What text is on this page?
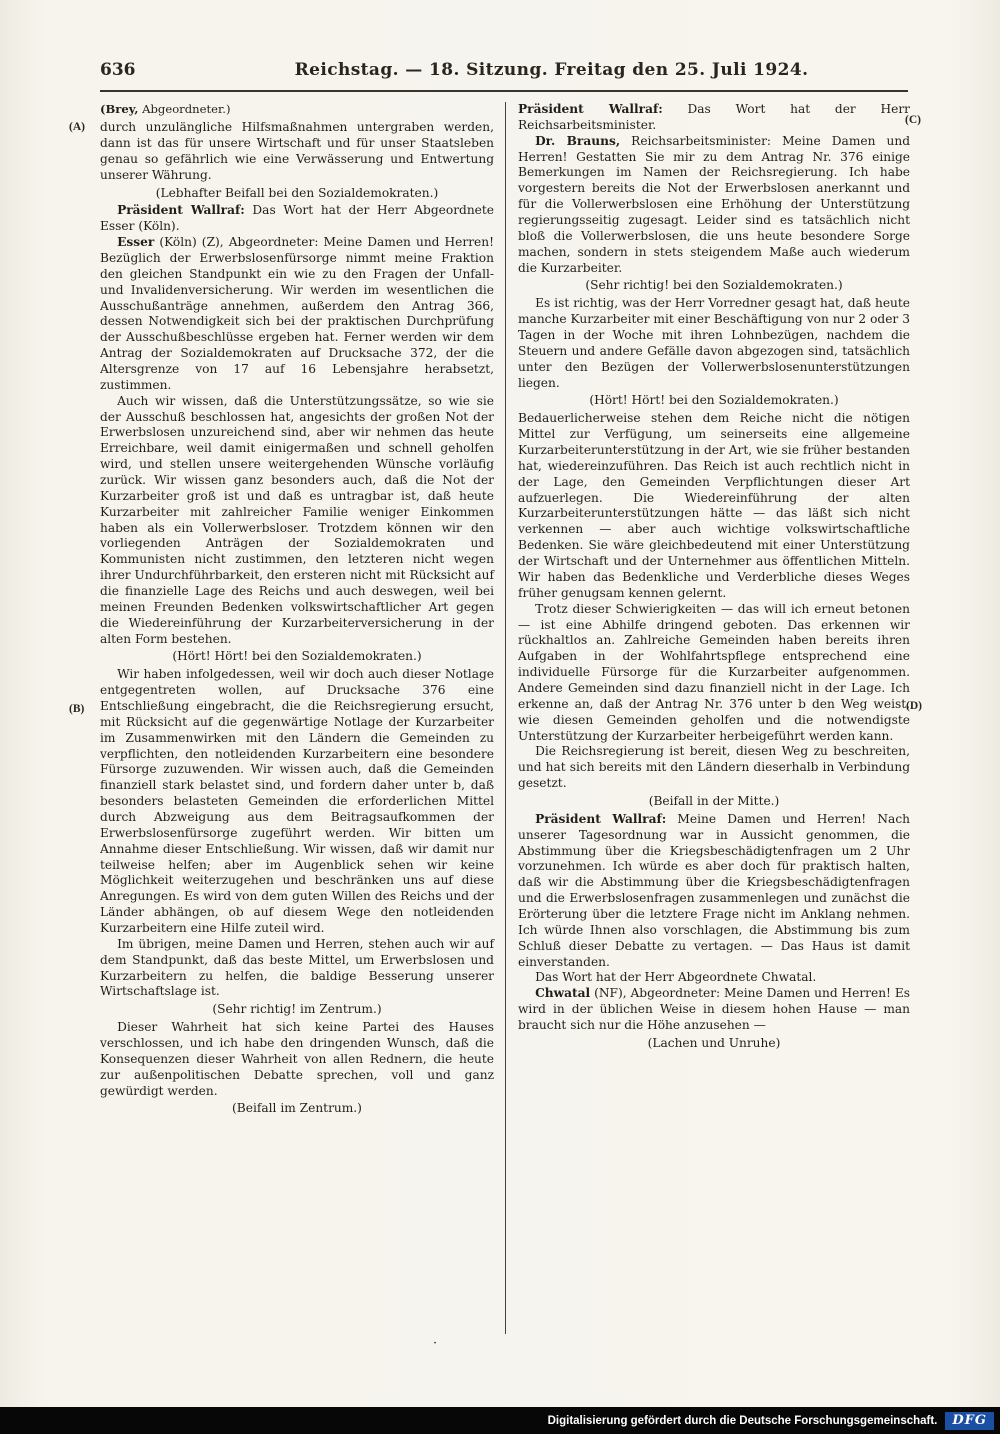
(A)
(B)
(C)
(D)
636	Reichstag. — 18. Sitzung. Freitag den 25. Juli 1924.

(Brey, Abgeordneter.)

durch unzulängliche Hilfsmaßnahmen untergraben werden, dann ist das für unsere Wirtschaft und für unser Staatsleben genau so gefährlich wie eine Verwässerung und Entwertung unserer Währung.

(Lebhafter Beifall bei den Sozialdemokraten.)

Präsident Wallraf: Das Wort hat der Herr Abgeordnete Esser (Köln).

Esser (Köln) (Z), Abgeordneter: Meine Damen und Herren! Bezüglich der Erwerbslosenfürsorge nimmt meine Fraktion den gleichen Standpunkt ein wie zu den Fragen der Unfall- und Invalidenversicherung. Wir werden im wesentlichen die Ausschußanträge annehmen, außerdem den Antrag 366, dessen Notwendigkeit sich bei der praktischen Durchprüfung der Ausschußbeschlüsse ergeben hat. Ferner werden wir dem Antrag der Sozialdemokraten auf Drucksache 372, der die Altersgrenze von 17 auf 16 Lebensjahre herabsetzt, zustimmen.

Auch wir wissen, daß die Unterstützungssätze, so wie sie der Ausschuß beschlossen hat, angesichts der großen Not der Erwerbslosen unzureichend sind, aber wir nehmen das heute Erreichbare, weil damit einigermaßen und schnell geholfen wird, und stellen unsere weitergehenden Wünsche vorläufig zurück. Wir wissen ganz besonders auch, daß die Not der Kurzarbeiter groß ist und daß es untragbar ist, daß heute Kurzarbeiter mit zahlreicher Familie weniger Einkommen haben als ein Vollerwerbsloser. Trotzdem können wir den vorliegenden Anträgen der Sozialdemokraten und Kommunisten nicht zustimmen, den letzteren nicht wegen ihrer Undurchführbarkeit, den ersteren nicht mit Rücksicht auf die finanzielle Lage des Reichs und auch deswegen, weil bei meinen Freunden Bedenken volkswirtschaftlicher Art gegen die Wiedereinführung der Kurzarbeiterversicherung in der alten Form bestehen.

(Hört! Hört! bei den Sozialdemokraten.)

Wir haben infolgedessen, weil wir doch auch dieser Notlage entgegentreten wollen, auf Drucksache 376 eine Entschließung eingebracht, die die Reichsregierung ersucht, mit Rücksicht auf die gegenwärtige Notlage der Kurzarbeiter im Zusammenwirken mit den Ländern die Gemeinden zu verpflichten, den notleidenden Kurzarbeitern eine besondere Fürsorge zuzuwenden. Wir wissen auch, daß die Gemeinden finanziell stark belastet sind, und fordern daher unter b, daß besonders belasteten Gemeinden die erforderlichen Mittel durch Abzweigung aus dem Beitragsaufkommen der Erwerbslosenfürsorge zugeführt werden. Wir bitten um Annahme dieser Entschließung. Wir wissen, daß wir damit nur teilweise helfen; aber im Augenblick sehen wir keine Möglichkeit weiterzugehen und beschränken uns auf diese Anregungen. Es wird von dem guten Willen des Reichs und der Länder abhängen, ob auf diesem Wege den notleidenden Kurzarbeitern eine Hilfe zuteil wird.

Im übrigen, meine Damen und Herren, stehen auch wir auf dem Standpunkt, daß das beste Mittel, um Erwerbslosen und Kurzarbeitern zu helfen, die baldige Besserung unserer Wirtschaftslage ist.

(Sehr richtig! im Zentrum.)

Dieser Wahrheit hat sich keine Partei des Hauses verschlossen, und ich habe den dringenden Wunsch, daß die Konsequenzen dieser Wahrheit von allen Rednern, die heute zur außenpolitischen Debatte sprechen, voll und ganz gewürdigt werden.

(Beifall im Zentrum.)

Präsident Wallraf: Das Wort hat der Herr Reichsarbeitsminister.

Dr. Brauns, Reichsarbeitsminister: Meine Damen und Herren! Gestatten Sie mir zu dem Antrag Nr. 376 einige Bemerkungen im Namen der Reichsregierung. Ich habe vorgestern bereits die Not der Erwerbslosen anerkannt und für die Vollerwerbslosen eine Erhöhung der Unterstützung regierungsseitig zugesagt. Leider sind es tatsächlich nicht bloß die Vollerwerbslosen, die uns heute besondere Sorge machen, sondern in stets steigendem Maße auch wiederum die Kurzarbeiter.

(Sehr richtig! bei den Sozialdemokraten.)

Es ist richtig, was der Herr Vorredner gesagt hat, daß heute manche Kurzarbeiter mit einer Beschäftigung von nur 2 oder 3 Tagen in der Woche mit ihren Lohnbezügen, nachdem die Steuern und andere Gefälle davon abgezogen sind, tatsächlich unter den Bezügen der Vollerwerbslosenunterstützungen liegen.

(Hört! Hört! bei den Sozialdemokraten.)

Bedauerlicherweise stehen dem Reiche nicht die nötigen Mittel zur Verfügung, um seinerseits eine allgemeine Kurzarbeiterunterstützung in der Art, wie sie früher bestanden hat, wiedereinzuführen. Das Reich ist auch rechtlich nicht in der Lage, den Gemeinden Verpflichtungen dieser Art aufzuerlegen. Die Wiedereinführung der alten Kurzarbeiterunterstützungen hätte — das läßt sich nicht verkennen — aber auch wichtige volkswirtschaftliche Bedenken. Sie wäre gleichbedeutend mit einer Unterstützung der Wirtschaft und der Unternehmer aus öffentlichen Mitteln. Wir haben das Bedenkliche und Verderbliche dieses Weges früher genugsam kennen gelernt.

Trotz dieser Schwierigkeiten — das will ich erneut betonen — ist eine Abhilfe dringend geboten. Das erkennen wir rückhaltlos an. Zahlreiche Gemeinden haben bereits ihren Aufgaben in der Wohlfahrtspflege entsprechend eine individuelle Fürsorge für die Kurzarbeiter aufgenommen. Andere Gemeinden sind dazu finanziell nicht in der Lage. Ich erkenne an, daß der Antrag Nr. 376 unter b den Weg weist, wie diesen Gemeinden geholfen und die notwendigste Unterstützung der Kurzarbeiter herbeigeführt werden kann.

Die Reichsregierung ist bereit, diesen Weg zu beschreiten, und hat sich bereits mit den Ländern dieserhalb in Verbindung gesetzt.

(Beifall in der Mitte.)

Präsident Wallraf: Meine Damen und Herren! Nach unserer Tagesordnung war in Aussicht genommen, die Abstimmung über die Kriegsbeschädigtenfragen um 2 Uhr vorzunehmen. Ich würde es aber doch für praktisch halten, daß wir die Abstimmung über die Kriegsbeschädigtenfragen und die Erwerbslosenfragen zusammenlegen und zunächst die Erörterung über die letztere Frage nicht im Anklang nehmen. Ich würde Ihnen also vorschlagen, die Abstimmung bis zum Schluß dieser Debatte zu vertagen. — Das Haus ist damit einverstanden.

Das Wort hat der Herr Abgeordnete Chwatal.

Chwatal (NF), Abgeordneter: Meine Damen und Herren! Es wird in der üblichen Weise in diesem hohen Hause — man braucht sich nur die Höhe anzusehen —

(Lachen und Unruhe)

·
Digitalisierung gefördert durch die Deutsche Forschungsgemeinschaft.	DFG
